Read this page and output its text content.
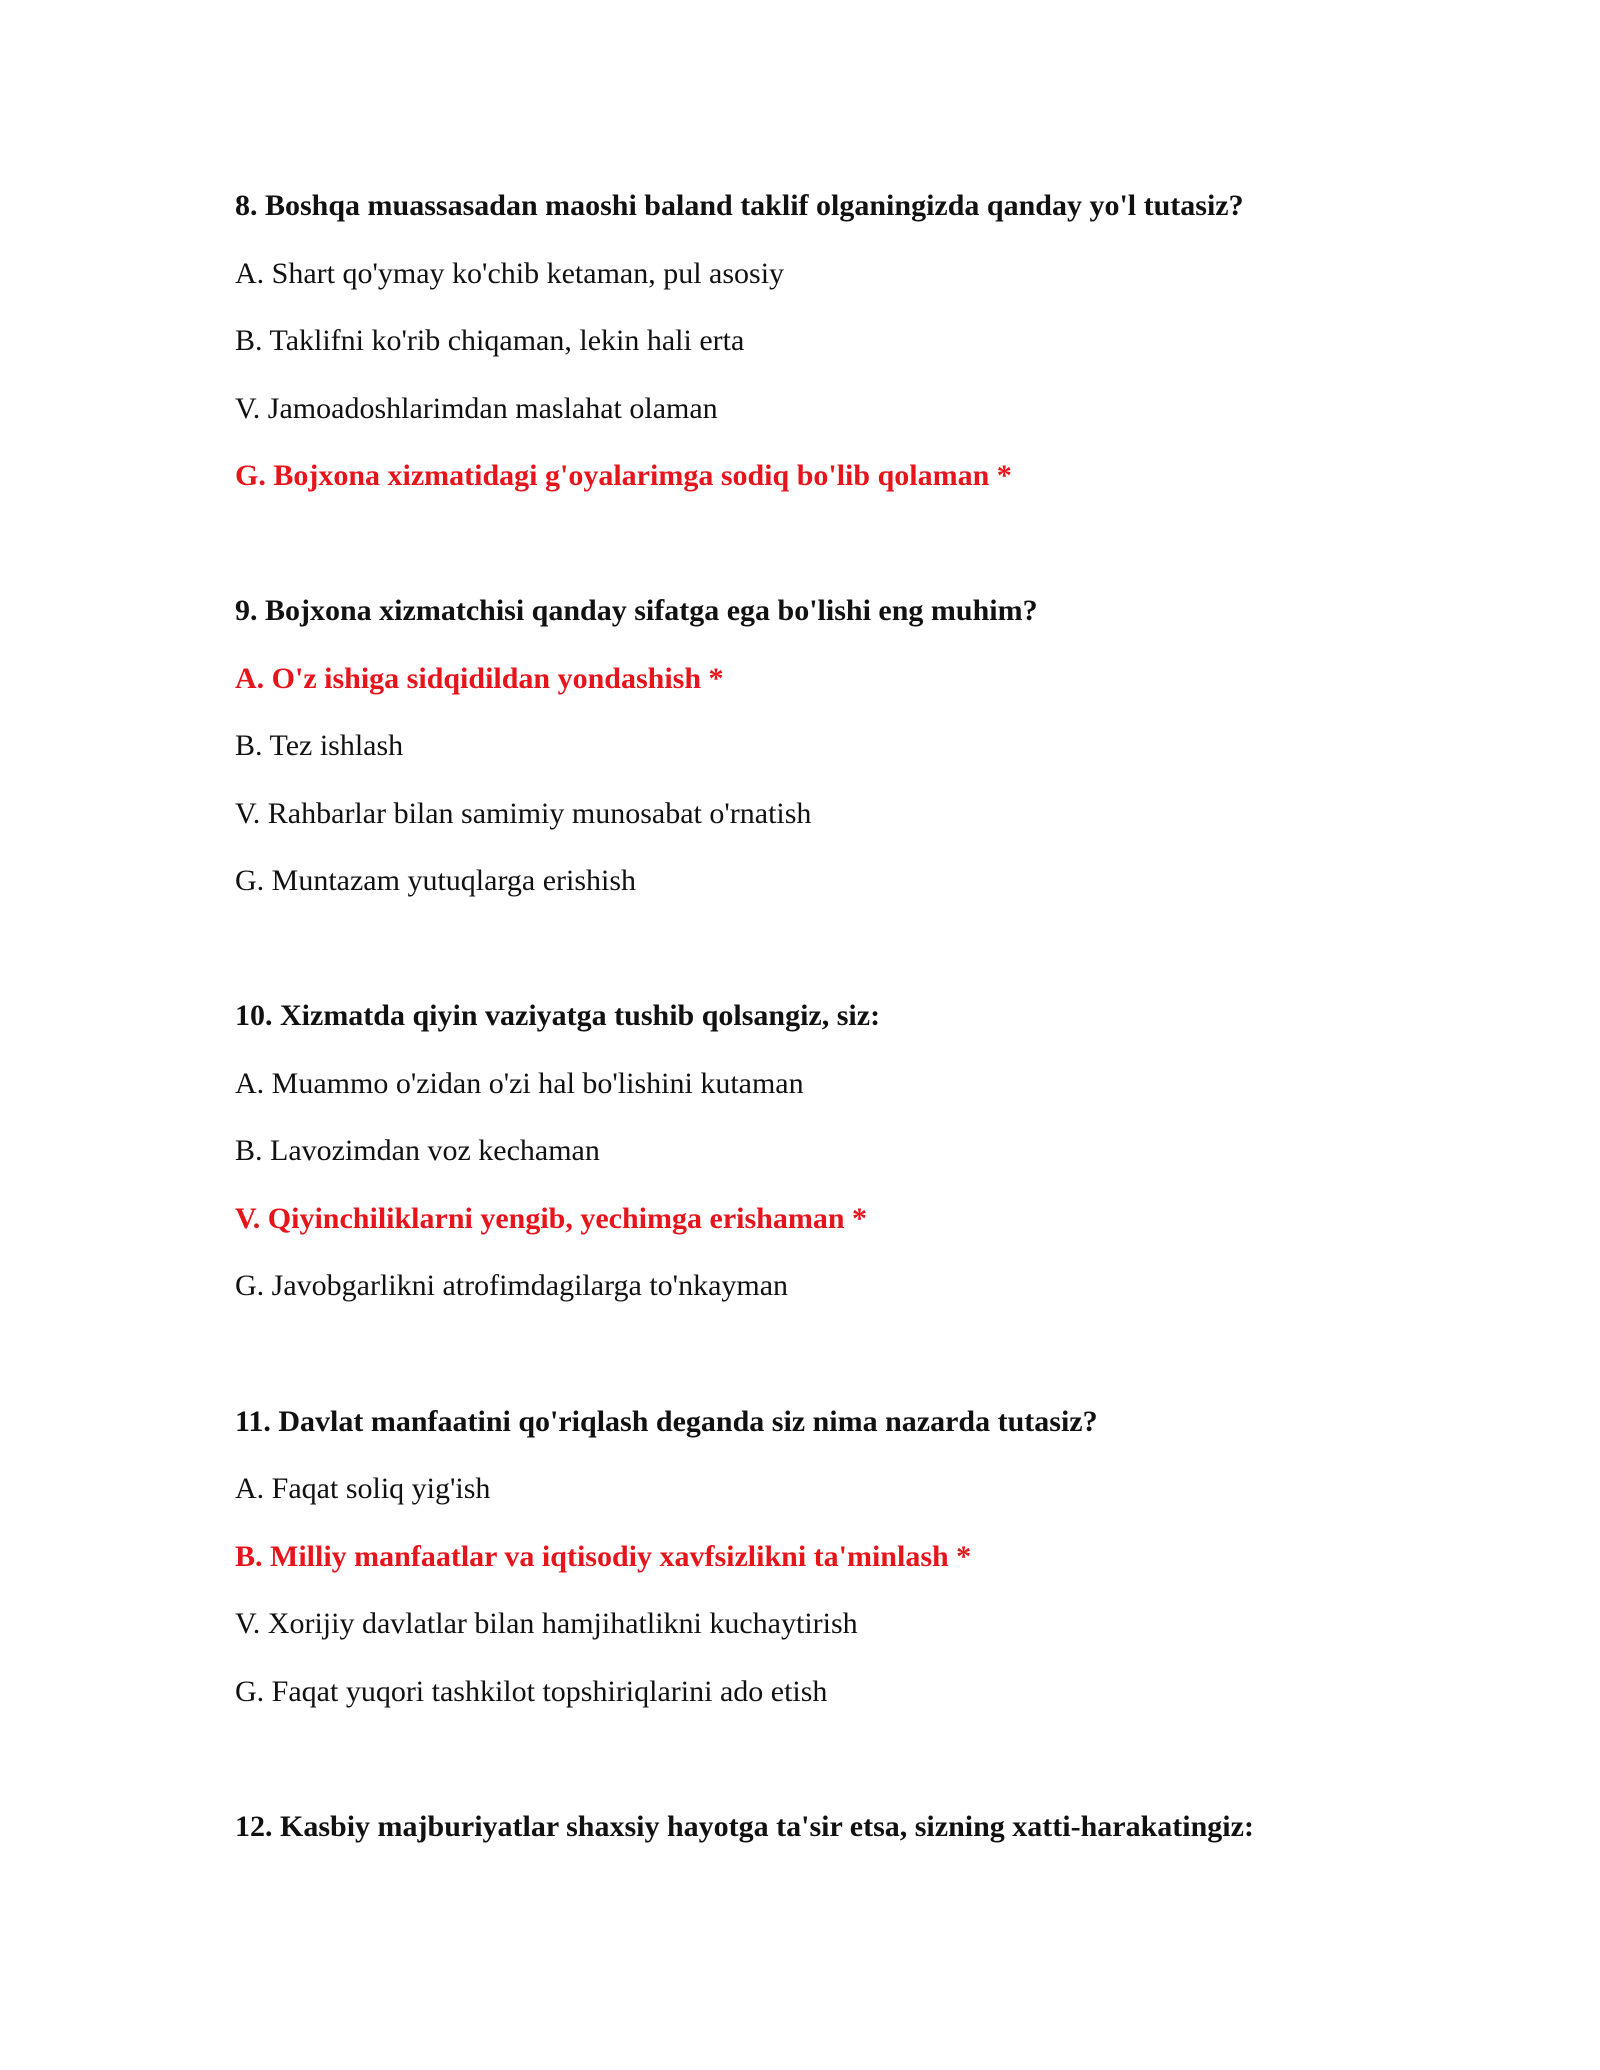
8. Boshqa muassasadan maoshi baland taklif olganingizda qanday yo'l tutasiz?
A. Shart qo'ymay ko'chib ketaman, pul asosiy
B. Taklifni ko'rib chiqaman, lekin hali erta
V. Jamoadoshlarimdan maslahat olaman
G. Bojxona xizmatidagi g'oyalarimga sodiq bo'lib qolaman *
9. Bojxona xizmatchisi qanday sifatga ega bo'lishi eng muhim?
A. O'z ishiga sidqidildan yondashish *
B. Tez ishlash
V. Rahbarlar bilan samimiy munosabat o'rnatish
G. Muntazam yutuqlarga erishish
10. Xizmatda qiyin vaziyatga tushib qolsangiz, siz:
A. Muammo o'zidan o'zi hal bo'lishini kutaman
B. Lavozimdan voz kechaman
V. Qiyinchiliklarni yengib, yechimga erishaman *
G. Javobgarlikni atrofimdagilarga to'nkayman
11. Davlat manfaatini qo'riqlash deganda siz nima nazarda tutasiz?
A. Faqat soliq yig'ish
B. Milliy manfaatlar va iqtisodiy xavfsizlikni ta'minlash *
V. Xorijiy davlatlar bilan hamjihatlikni kuchaytirish
G. Faqat yuqori tashkilot topshiriqlarini ado etish
12. Kasbiy majburiyatlar shaxsiy hayotga ta'sir etsa, sizning xatti-harakatingiz:
